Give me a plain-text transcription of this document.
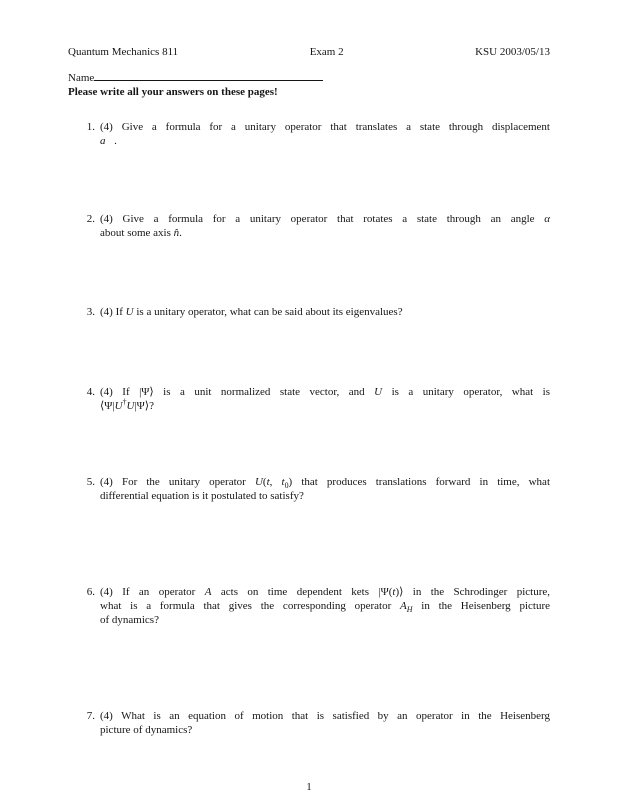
Quantum Mechanics 811	Exam 2	KSU 2003/05/13
Name
Please write all your answers on these pages!
1. (4) Give a formula for a unitary operator that translates a state through displacement
a⃗.
2. (4) Give a formula for a unitary operator that rotates a state through an angle α
about some axis n̂.
3. (4) If U is a unitary operator, what can be said about its eigenvalues?
4. (4) If |Ψ⟩ is a unit normalized state vector, and U is a unitary operator, what is
⟨Ψ|U†U|Ψ⟩?
5. (4) For the unitary operator U(t, $t_0$) that produces translations forward in time, what
differential equation is it postulated to satisfy?
6. (4) If an operator A acts on time dependent kets |Ψ(t)⟩ in the Schrodinger picture,
what is a formula that gives the corresponding operator $A_H$ in the Heisenberg picture
of dynamics?
7. (4) What is an equation of motion that is satisfied by an operator in the Heisenberg
picture of dynamics?
1
